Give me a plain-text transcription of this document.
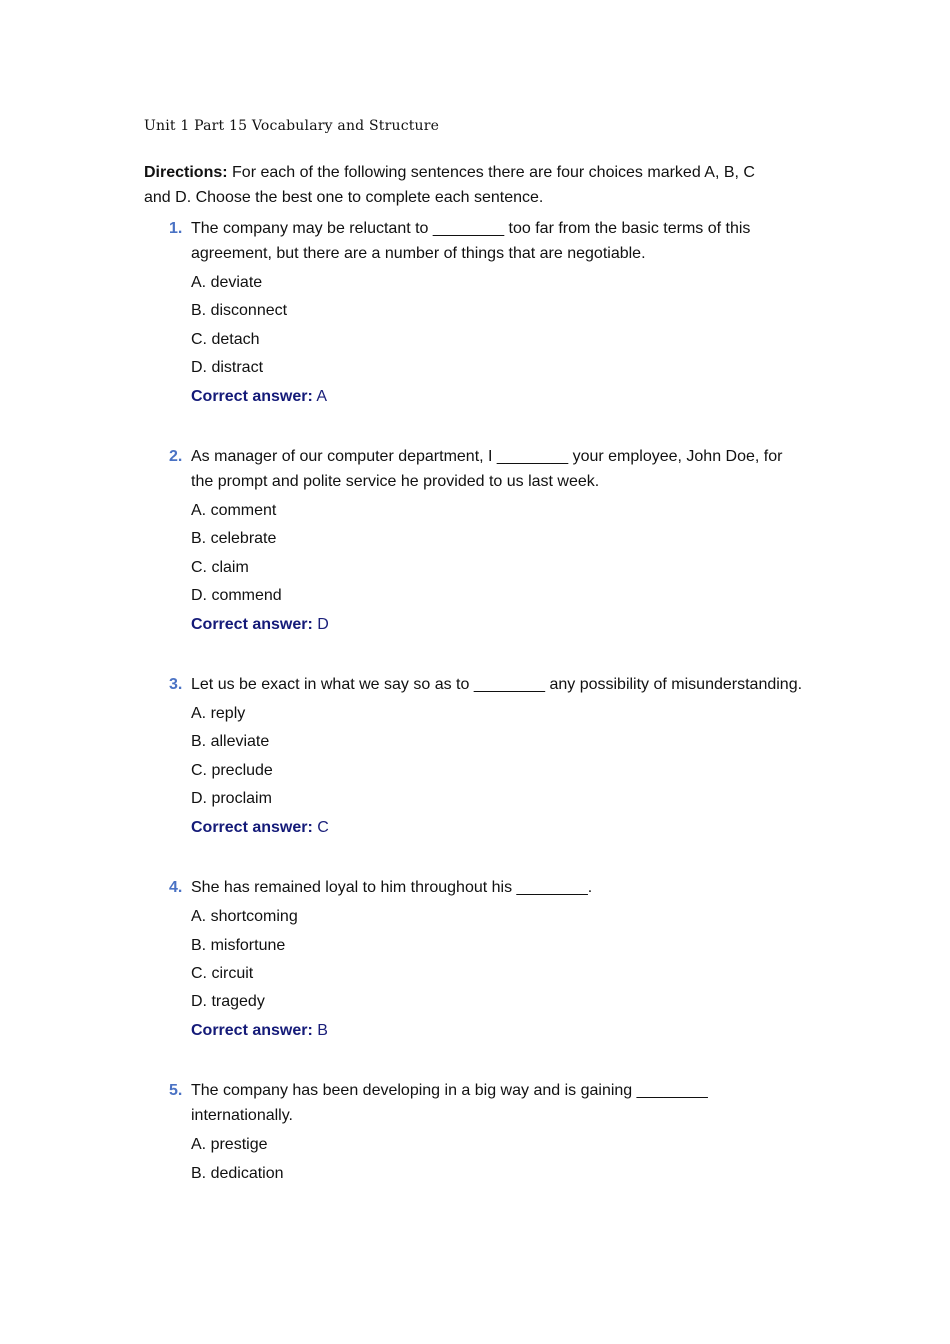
Unit 1 Part 15 Vocabulary and Structure
Directions: For each of the following sentences there are four choices marked A, B, C and D. Choose the best one to complete each sentence.
1. The company may be reluctant to ________ too far from the basic terms of this agreement, but there are a number of things that are negotiable.
A. deviate
B. disconnect
C. detach
D. distract
Correct answer: A
2. As manager of our computer department, I ________ your employee, John Doe, for the prompt and polite service he provided to us last week.
A. comment
B. celebrate
C. claim
D. commend
Correct answer: D
3. Let us be exact in what we say so as to ________ any possibility of misunderstanding.
A. reply
B. alleviate
C. preclude
D. proclaim
Correct answer: C
4. She has remained loyal to him throughout his ________.
A. shortcoming
B. misfortune
C. circuit
D. tragedy
Correct answer: B
5. The company has been developing in a big way and is gaining ________ internationally.
A. prestige
B. dedication
